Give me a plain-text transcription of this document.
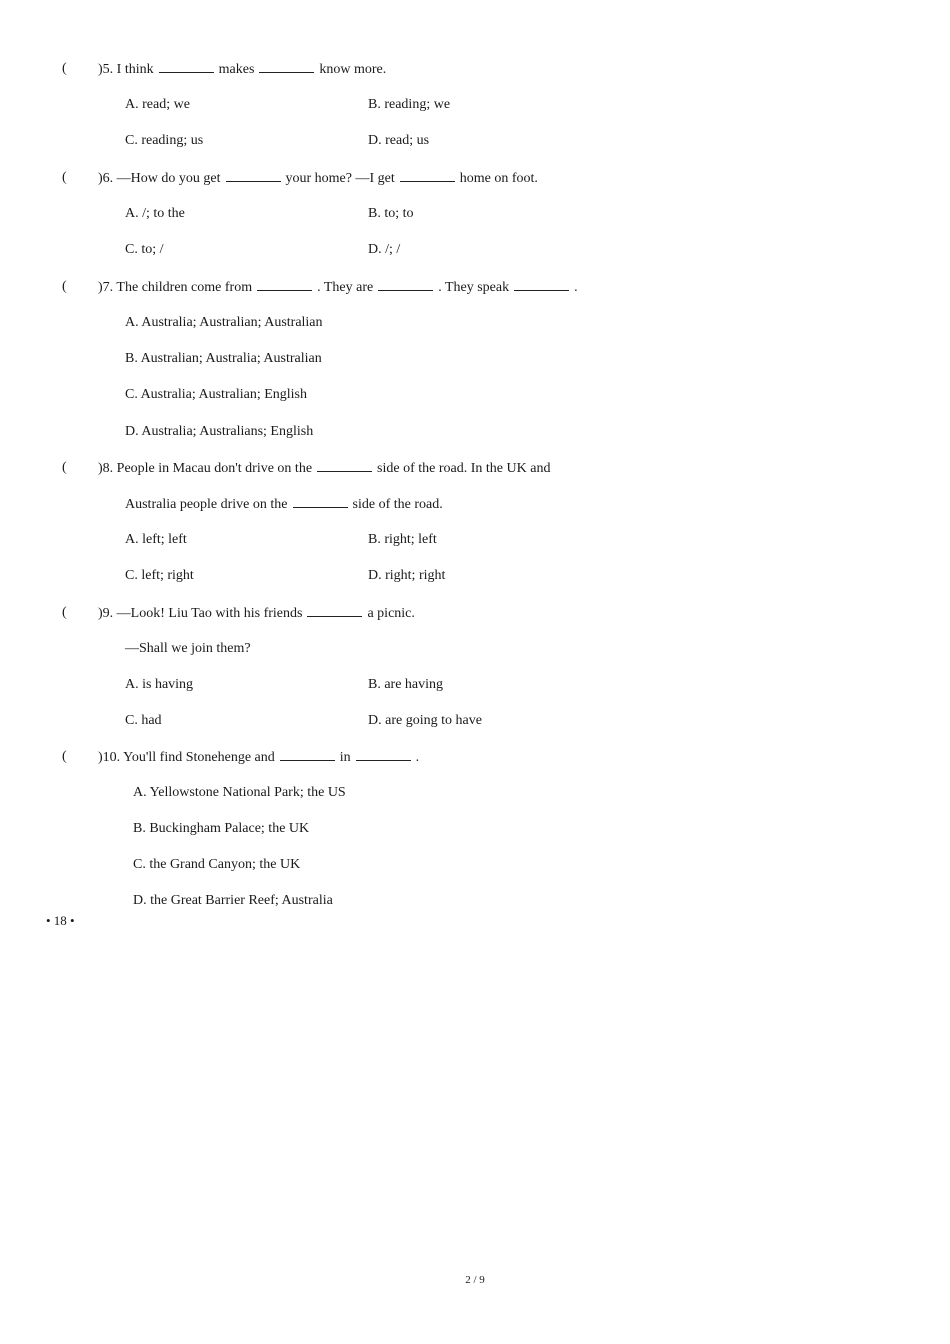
( )5. I think	makes	know more.
A. read; we	B. reading; we
C. reading; us	D. read; us
( )6. —How do you get	your home? —I get	home on foot.
A. /; to the	B. to; to
C. to; /	D. /; /
( )7. The children come from	. They are	. They speak	.
A. Australia; Australian; Australian
B. Australian; Australia; Australian
C. Australia; Australian; English
D. Australia; Australians; English
( )8. People in Macau don't drive on the	side of the road. In the UK and
Australia people drive on the	side of the road.
A. left; left	B. right; left
C. left; right	D. right; right
( )9. —Look! Liu Tao with his friends	a picnic.
—Shall we join them?
A. is having	B. are having
C. had	D. are going to have
( )10. You'll find Stonehenge and	in	.
A. Yellowstone National Park; the US
B. Buckingham Palace; the UK
C. the Grand Canyon; the UK
D. the Great Barrier Reef; Australia
• 18 •
2 / 9
